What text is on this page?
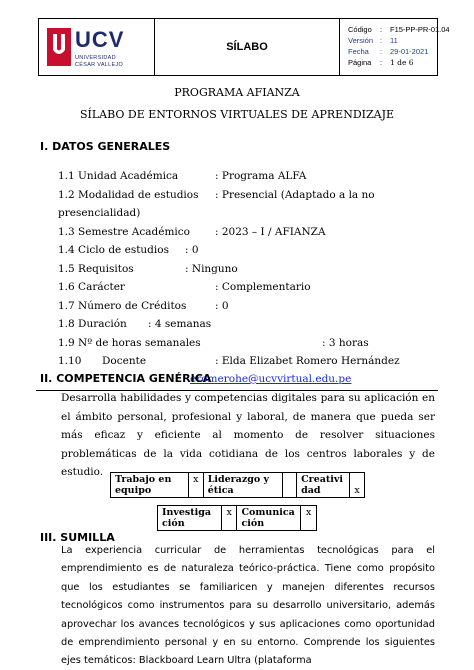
UCV
UNIVERSIDAD
CÉSAR VALLEJO
SÍLABO
Código : F15-PP-PR-01.04
Versión : 11
Fecha : 29-01-2021
Página : 1 de 6
PROGRAMA AFIANZA
SÍLABO DE ENTORNOS VIRTUALES DE APRENDIZAJE
I. DATOS GENERALES
1.1 Unidad Académica	: Programa ALFA
1.2 Modalidad de estudios : Presencial (Adaptado a la no
presencialidad)
1.3 Semestre Académico : 2023 – I / AFIANZA
1.4 Ciclo de estudios : 0
1.5 Requisitos	: Ninguno
1.6 Carácter	: Complementario
1.7 Número de Créditos	: 0
1.8 Duración : 4 semanas
1.9 Nº de horas semanales	: 3 horas
1.10 Docente	: Elda Elizabet Romero Hernández
eromerohe@ucvvirtual.edu.pe
II. COMPETENCIA GENÉRICA
Desarrolla habilidades y competencias digitales para su aplicación en el ámbito personal, profesional y laboral, de manera que pueda ser más eficaz y eficiente al momento de resolver situaciones problemáticas de la vida cotidiana de los centros laborales y de estudio.
Trabajo en equipo	x	Liderazgo y ética		Creatividad	x
Investigación	x	Comunicación	x
III. SUMILLA
La experiencia curricular de herramientas tecnológicas para el emprendimiento es de naturaleza teórico-práctica. Tiene como propósito que los estudiantes se familiaricen y manejen diferentes recursos tecnológicos como instrumentos para su desarrollo universitario, además aprovechar los avances tecnológicos y sus aplicaciones como oportunidad de emprendimiento personal y en su entorno. Comprende los siguientes ejes temáticos: Blackboard Learn Ultra (plataforma
